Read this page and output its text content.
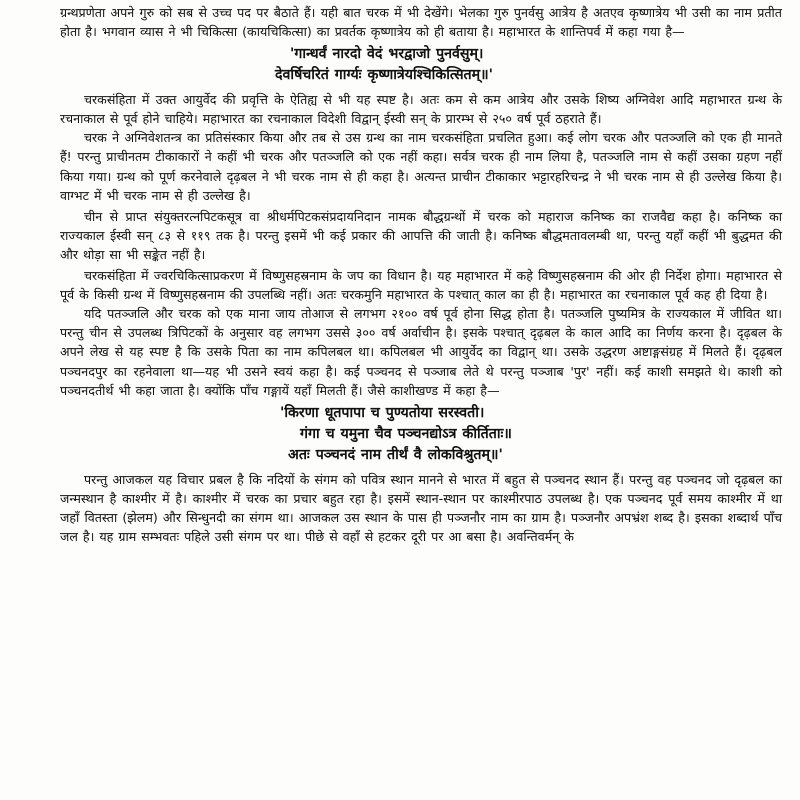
ग्रन्थप्रणेता अपने गुरु को सब से उच्च पद पर बैठाते हैं। यही बात चरक में भी देखेंगे। भेलका गुरु पुनर्वसु आत्रेय है अतएव कृष्णात्रेय भी उसी का नाम प्रतीत होता है। भगवान व्यास ने भी चिकित्सा (कायचिकित्सा) का प्रवर्तक कृष्णात्रेय को ही बताया है। महाभारत के शान्तिपर्व में कहा गया है—

'गान्धर्वं नारदो वेदं भरद्वाजो पुनर्वसुम्।

देवर्षिचरितं गार्ग्यः कृष्णात्रेयश्चिकित्सितम्॥'

चरकसंहिता में उक्त आयुर्वेद की प्रवृत्ति के ऐतिह्य से भी यह स्पष्ट है। अतः कम से कम आत्रेय और उसके शिष्य अग्निवेश आदि महाभारत ग्रन्थ के रचनाकाल से पूर्व होने चाहिये। महाभारत का रचनाकाल विदेशी विद्वान् ईस्वी सन् के प्रारम्भ से २५० वर्ष पूर्व ठहराते हैं।

चरक ने अग्निवेशतन्त्र का प्रतिसंस्कार किया और तब से उस ग्रन्थ का नाम चरकसंहिता प्रचलित हुआ। कई लोग चरक और पतञ्जलि को एक ही मानते हैं! परन्तु प्राचीनतम टीकाकारों ने कहीं भी चरक और पतञ्जलि को एक नहीं कहा। सर्वत्र चरक ही नाम लिया है, पतञ्जलि नाम से कहीं उसका ग्रहण नहीं किया गया। ग्रन्थ को पूर्ण करनेवाले दृढ़बल ने भी चरक नाम से ही कहा है। अत्यन्त प्राचीन टीकाकार भट्टारहरिचन्द्र ने भी चरक नाम से ही उल्लेख किया है। वाग्भट में भी चरक नाम से ही उल्लेख है।

चीन से प्राप्त संयुक्तरत्नपिटकसूत्र वा श्रीधर्मपिटकसंप्रदायनिदान नामक बौद्धग्रन्थों में चरक को महाराज कनिष्क का राजवैद्य कहा है। कनिष्क का राज्यकाल ईस्वी सन् ८३ से ११९ तक है। परन्तु इसमें भी कई प्रकार की आपत्ति की जाती है। कनिष्क बौद्धमतावलम्बी था, परन्तु यहाँ कहीं भी बुद्धमत की और थोड़ा सा भी सङ्केत नहीं है।

चरकसंहिता में ज्वरचिकित्साप्रकरण में विष्णुसहस्रनाम के जप का विधान है। यह महाभारत में कहे विष्णुसहस्रनाम की ओर ही निर्देश होगा। महाभारत से पूर्व के किसी ग्रन्थ में विष्णुसहस्रनाम की उपलब्धि नहीं। अतः चरकमुनि महाभारत के पश्चात् काल का ही है। महाभारत का रचनाकाल पूर्व कह ही दिया है।

यदि पतञ्जलि और चरक को एक माना जाय तोआज से लगभग २१०० वर्ष पूर्व होना सिद्ध होता है। पतञ्जलि पुष्यमित्र के राज्यकाल में जीवित था। परन्तु चीन से उपलब्ध त्रिपिटकों के अनुसार वह लगभग उससे ३०० वर्ष अर्वाचीन है। इसके पश्चात् दृढ़बल के काल आदि का निर्णय करना है। दृढ़बल के अपने लेख से यह स्पष्ट है कि उसके पिता का नाम कपिलबल था। कपिलबल भी आयुर्वेद का विद्वान् था। उसके उद्धरण अष्टाङ्गसंग्रह में मिलते हैं। दृढ़बल पञ्चनदपुर का रहनेवाला था—यह भी उसने स्वयं कहा है। कई पञ्चनद से पञ्जाब लेते थे परन्तु पञ्जाब 'पुर' नहीं। कई काशी समझते थे। काशी को पञ्चनदतीर्थ भी कहा जाता है। क्योंकि पाँच गङ्गायें यहाँ मिलती हैं। जैसे काशीखण्ड में कहा है—

'किरणा धूतपापा च पुण्यतोया सरस्वती।

गंगा च यमुना चैव पञ्चनद्योऽत्र कीर्तिताः॥

अतः पञ्चनदं नाम तीर्थं वै लोकविश्रुतम्॥'

परन्तु आजकल यह विचार प्रबल है कि नदियों के संगम को पवित्र स्थान मानने से भारत में बहुत से पञ्चनद स्थान हैं। परन्तु वह पञ्चनद जो दृढ़बल का जन्मस्थान है काश्मीर में है। काश्मीर में चरक का प्रचार बहुत रहा है। इसमें स्थान-स्थान पर काश्मीरपाठ उपलब्ध है। एक पञ्चनद पूर्व समय काश्मीर में था जहाँ वितस्ता (झेलम) और सिन्धुनदी का संगम था। आजकल उस स्थान के पास ही पञ्जनौर नाम का ग्राम है। पञ्जनौर अपभ्रंश शब्द है। इसका शब्दार्थ पाँच जल है। यह ग्राम सम्भवतः पहिले उसी संगम पर था। पीछे से वहाँ से हटकर दूरी पर आ बसा है। अवन्तिवर्मन् के
